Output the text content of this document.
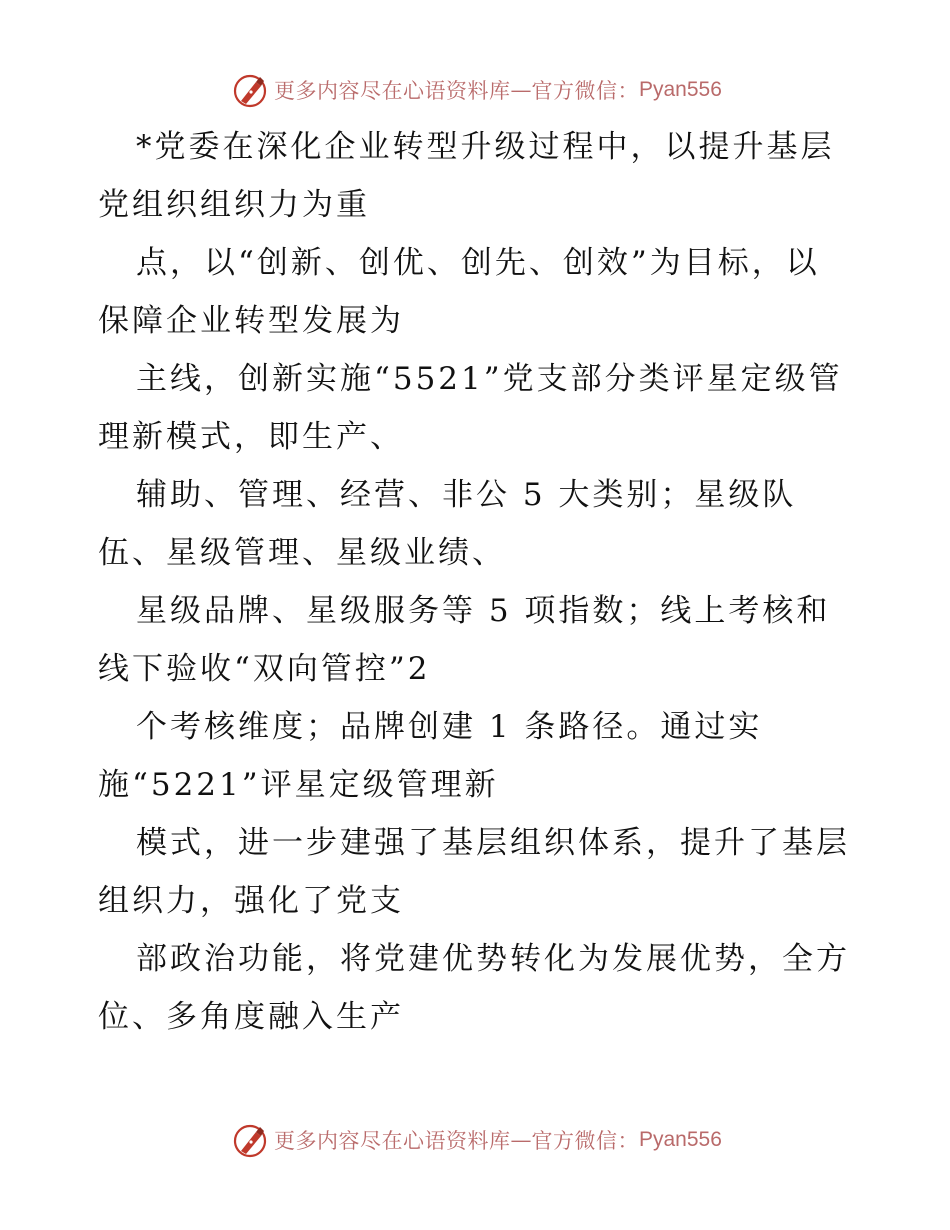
更多内容尽在心语资料库 — 官方微信： Pyan556
*党委在深化企业转型升级过程中，以提升基层
党组织组织力为重
点，以“创新、创优、创先、创效”为目标，以
保障企业转型发展为
主线，创新实施“5521”党支部分类评星定级管
理新模式，即生产、
辅助、管理、经营、非公 5 大类别；星级队
伍、星级管理、星级业绩、
星级品牌、星级服务等 5 项指数；线上考核和
线下验收“双向管控”2
个考核维度；品牌创建 1 条路径。通过实
施“5221”评星定级管理新
模式，进一步建强了基层组织体系，提升了基层
组织力，强化了党支
部政治功能，将党建优势转化为发展优势，全方
位、多角度融入生产
更多内容尽在心语资料库 — 官方微信： Pyan556
